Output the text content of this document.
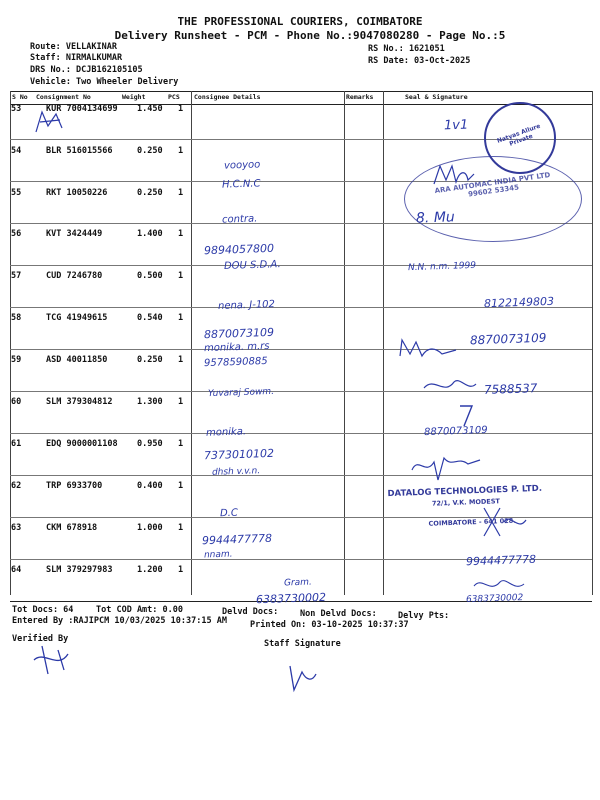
THE PROFESSIONAL COURIERS, COIMBATORE
Delivery Runsheet - PCM - Phone No.:9047080280 - Page No.:5
Route: VELLAKINAR
Staff: NIRMALKUMAR
DRS No.: DCJB162105105
Vehicle: Two Wheeler Delivery
RS No.: 1621051
RS Date: 03-Oct-2025
S No Consignment No	Weight	PCS Consignee Details	Remarks	Seal & Signature
53	KUR 7004134699 1.450 1
54	BLR 516015566	0.250 1
55	RKT 10050226	0.250 1
56	KVT 3424449	1.400 1
57	CUD 7246780	0.500 1
58	TCG 41949615	0.540 1
59	ASD 40011850	0.250 1
60	SLM 379304812	1.300 1
61	EDQ 9000001108 0.950 1
62	TRP 6933700	0.400 1
63	CKM 678918	1.000 1
64	SLM 379297983	1.200 1
vooyoo
H.C.N.C
contra.
9894057800
DOU S.D.A.
nena. J-102
8870073109
monika. m.rs
9578590885
Yuvaraj Sowm.
monika.
7373010102
dhsh v.v.n.
D.C
9944477778
nnam.
Gram.
6383730002
1v1
8. Mu
N.N. n.m. 1999
8122149803
8870073109
7588537
8870073109
9944477778
6383730002
Natyas Allure Private
ARA AUTOMAC INDIA PVT LTD 99602 53345
DATALOG TECHNOLOGIES P. LTD.
72/1, V.K. MODEST
COIMBATORE - 641 028.
Tot Docs: 64	Tot COD Amt: 0.00	Delvd Docs:	Non Delvd Docs: Delvy Pts:
Entered By :RAJIPCM 10/03/2025 10:37:15 AM	Printed On: 03-10-2025 10:37:37
Verified By	Staff Signature
